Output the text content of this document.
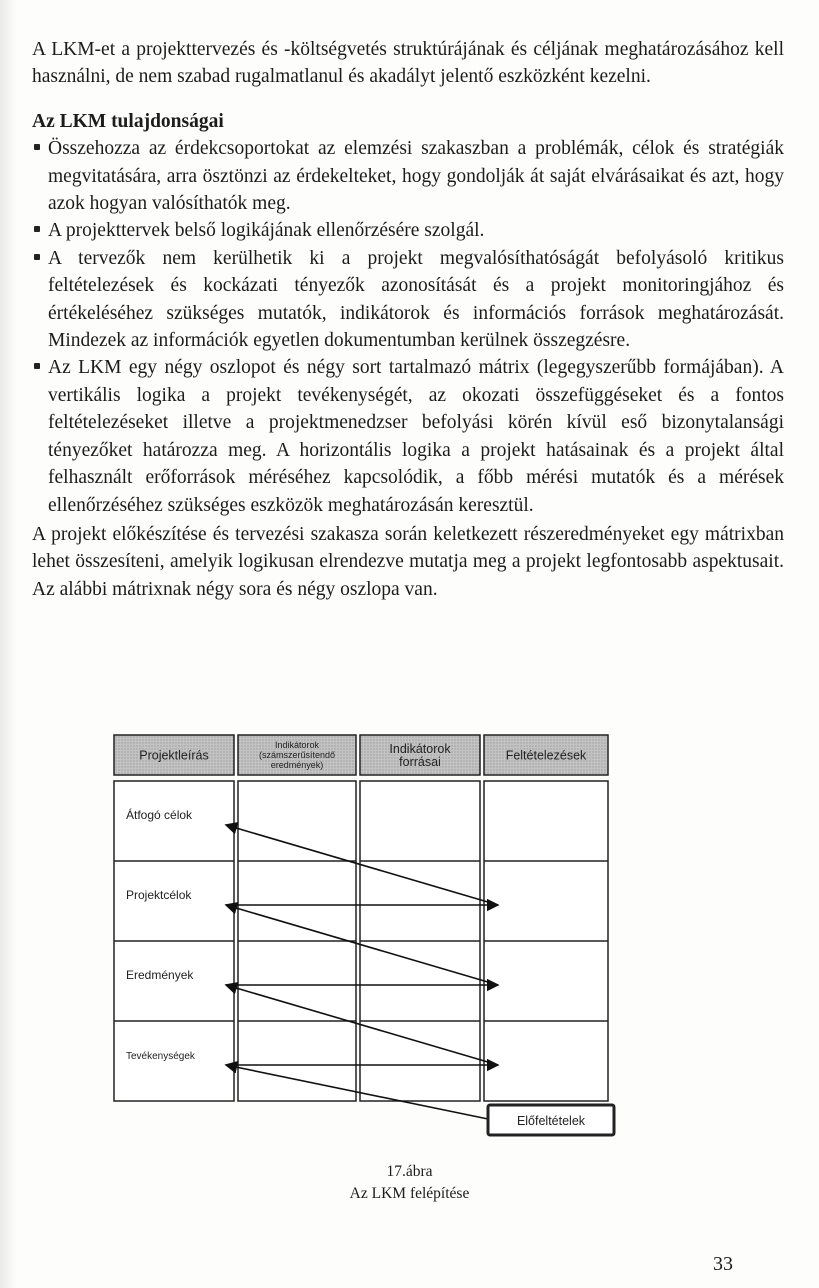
A LKM-et a projekttervezés és -költségvetés struktúrájának és céljának meghatározásához kell használni, de nem szabad rugalmatlanul és akadályt jelentő eszközként kezelni.

Az LKM tulajdonságai

Összehozza az érdekcsoportokat az elemzési szakaszban a problémák, célok és stratégiák megvitatására, arra ösztönzi az érdekelteket, hogy gondolják át saját elvárásaikat és azt, hogy azok hogyan valósíthatók meg.
A projekttervek belső logikájának ellenőrzésére szolgál.
A tervezők nem kerülhetik ki a projekt megvalósíthatóságát befolyásoló kritikus feltételezések és kockázati tényezők azonosítását és a projekt monitoringjához és értékeléséhez szükséges mutatók, indikátorok és információs források meghatározását. Mindezek az információk egyetlen dokumentumban kerülnek összegzésre.
Az LKM egy négy oszlopot és négy sort tartalmazó mátrix (legegyszerűbb formájában). A vertikális logika a projekt tevékenységét, az okozati összefüggéseket és a fontos feltételezéseket illetve a projektmenedzser befolyási körén kívül eső bizonytalansági tényezőket határozza meg. A horizontális logika a projekt hatásainak és a projekt által felhasznált erőforrások méréséhez kapcsolódik, a főbb mérési mutatók és a mérések ellenőrzéséhez szükséges eszközök meghatározásán keresztül.

A projekt előkészítése és tervezési szakasza során keletkezett részeredményeket egy mátrixban lehet összesíteni, amelyik logikusan elrendezve mutatja meg a projekt legfontosabb aspektusait. Az alábbi mátrixnak négy sora és négy oszlopa van.

Projektleírás
Indikátorok
(számszerűsítendő
eredmények)
Indikátorok
forrásai	Feltételezések
Átfogó célok
Projektcélok
Eredmények
Tevékenységek
Előfeltételek
17.ábra
Az LKM felépítése
33
